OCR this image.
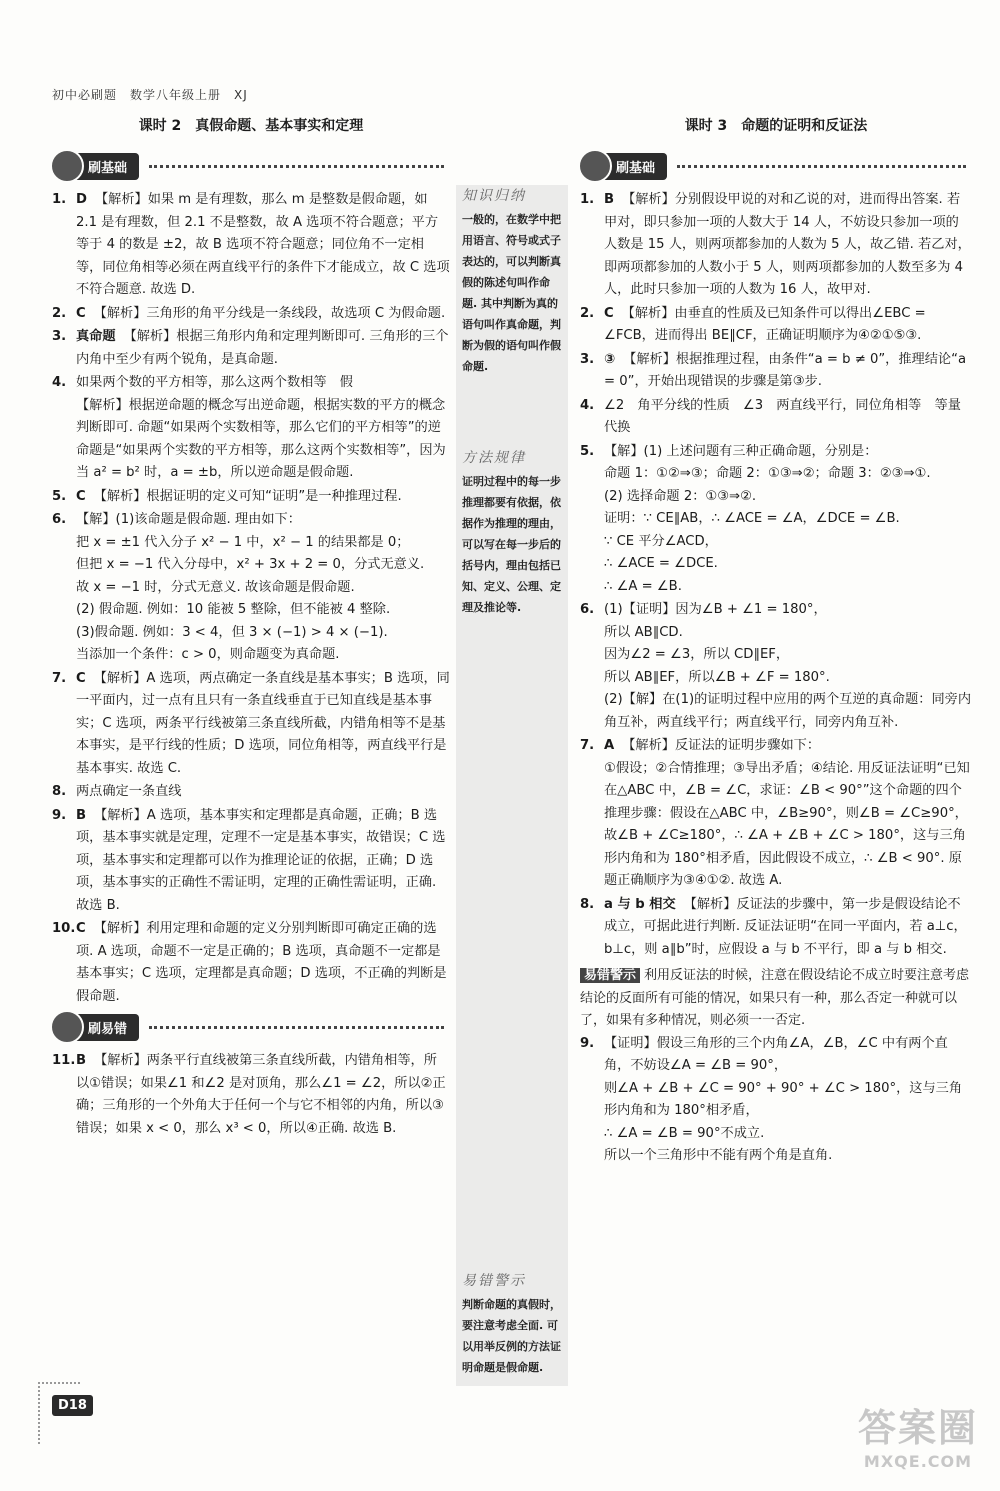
初中必刷题　数学八年级上册　XJ
课时 2　真假命题、基本事实和定理
刷基础
1. D 【解析】如果 m 是有理数，那么 m 是整数是假命题，如 2.1 是有理数，但 2.1 不是整数，故 A 选项不符合题意；平方等于 4 的数是 ±2，故 B 选项不符合题意；同位角不一定相等，同位角相等必须在两直线平行的条件下才能成立，故 C 选项不符合题意. 故选 D.

2. C 【解析】三角形的角平分线是一条线段，故选项 C 为假命题.

3. 真命题 【解析】根据三角形内角和定理判断即可. 三角形的三个内角中至少有两个锐角，是真命题.

4. 如果两个数的平方相等，那么这两个数相等　假

【解析】根据逆命题的概念写出逆命题，根据实数的平方的概念判断即可. 命题“如果两个实数相等，那么它们的平方相等”的逆命题是“如果两个实数的平方相等，那么这两个实数相等”，因为当 a² = b² 时，a = ±b，所以逆命题是假命题.

5. C 【解析】根据证明的定义可知“证明”是一种推理过程.

6. 【解】(1)该命题是假命题. 理由如下：

把 x = ±1 代入分子 x² − 1 中，x² − 1 的结果都是 0；

但把 x = −1 代入分母中，x² + 3x + 2 = 0，分式无意义.

故 x = −1 时，分式无意义. 故该命题是假命题.

(2) 假命题. 例如：10 能被 5 整除，但不能被 4 整除.

(3)假命题. 例如：3 < 4，但 3 × (−1) > 4 × (−1).

当添加一个条件：c > 0，则命题变为真命题.

7. C 【解析】A 选项，两点确定一条直线是基本事实；B 选项，同一平面内，过一点有且只有一条直线垂直于已知直线是基本事实；C 选项，两条平行线被第三条直线所截，内错角相等不是基本事实，是平行线的性质；D 选项，同位角相等，两直线平行是基本事实. 故选 C.

8. 两点确定一条直线

9. B 【解析】A 选项，基本事实和定理都是真命题，正确；B 选项，基本事实就是定理，定理不一定是基本事实，故错误；C 选项，基本事实和定理都可以作为推理论证的依据，正确；D 选项，基本事实的正确性不需证明，定理的正确性需证明，正确. 故选 B.

10. C 【解析】利用定理和命题的定义分别判断即可确定正确的选项. A 选项，命题不一定是正确的；B 选项，真命题不一定都是基本事实；C 选项，定理都是真命题；D 选项，不正确的判断是假命题.

刷易错
11. B 【解析】两条平行直线被第三条直线所截，内错角相等，所以①错误；如果∠1 和∠2 是对顶角，那么∠1 = ∠2，所以②正确；三角形的一个外角大于任何一个与它不相邻的内角，所以③错误；如果 x < 0，那么 x³ < 0，所以④正确. 故选 B.

知识归纳
一般的，在数学中把用语言、符号或式子表达的，可以判断真假的陈述句叫作命题. 其中判断为真的语句叫作真命题，判断为假的语句叫作假命题.
方法规律
证明过程中的每一步推理都要有依据，依据作为推理的理由，可以写在每一步后的括号内，理由包括已知、定义、公理、定理及推论等.
易错警示
判断命题的真假时，要注意考虑全面. 可以用举反例的方法证明命题是假命题.
课时 3　命题的证明和反证法
刷基础
1. B 【解析】分别假设甲说的对和乙说的对，进而得出答案. 若甲对，即只参加一项的人数大于 14 人，不妨设只参加一项的人数是 15 人，则两项都参加的人数为 5 人，故乙错. 若乙对，即两项都参加的人数小于 5 人，则两项都参加的人数至多为 4 人，此时只参加一项的人数为 16 人，故甲对.

2. C 【解析】由垂直的性质及已知条件可以得出∠EBC = ∠FCB，进而得出 BE∥CF，正确证明顺序为④②①⑤③.

3. ③ 【解析】根据推理过程，由条件“a = b ≠ 0”，推理结论“a = 0”，开始出现错误的步骤是第③步.

4. ∠2　角平分线的性质　∠3　两直线平行，同位角相等　等量代换

5. 【解】(1) 上述问题有三种正确命题，分别是：

命题 1：①②⇒③；命题 2：①③⇒②；命题 3：②③⇒①.

(2) 选择命题 2：①③⇒②.

证明：∵ CE∥AB，∴ ∠ACE = ∠A，∠DCE = ∠B.

∵ CE 平分∠ACD，

∴ ∠ACE = ∠DCE.

∴ ∠A = ∠B.

6. (1)【证明】因为∠B + ∠1 = 180°，

所以 AB∥CD.

因为∠2 = ∠3，所以 CD∥EF，

所以 AB∥EF，所以∠B + ∠F = 180°.

(2)【解】在(1)的证明过程中应用的两个互逆的真命题：同旁内角互补，两直线平行；两直线平行，同旁内角互补.

7. A 【解析】反证法的证明步骤如下：

①假设；②合情推理；③导出矛盾；④结论. 用反证法证明“已知在△ABC 中，∠B = ∠C，求证：∠B < 90°”这个命题的四个推理步骤：假设在△ABC 中，∠B≥90°，则∠B = ∠C≥90°，故∠B + ∠C≥180°，∴ ∠A + ∠B + ∠C > 180°，这与三角形内角和为 180°相矛盾，因此假设不成立，∴ ∠B < 90°. 原题正确顺序为③④①②. 故选 A.

8. a 与 b 相交 【解析】反证法的步骤中，第一步是假设结论不成立，可据此进行判断. 反证法证明“在同一平面内，若 a⊥c，b⊥c，则 a∥b”时，应假设 a 与 b 不平行，即 a 与 b 相交.

易错警示 利用反证法的时候，注意在假设结论不成立时要注意考虑结论的反面所有可能的情况，如果只有一种，那么否定一种就可以了，如果有多种情况，则必须一一否定.
9. 【证明】假设三角形的三个内角∠A，∠B，∠C 中有两个直角，不妨设∠A = ∠B = 90°，

则∠A + ∠B + ∠C = 90° + 90° + ∠C > 180°，这与三角形内角和为 180°相矛盾，

∴ ∠A = ∠B = 90°不成立.

所以一个三角形中不能有两个角是直角.

D18
答案圈
MXQE.COM
